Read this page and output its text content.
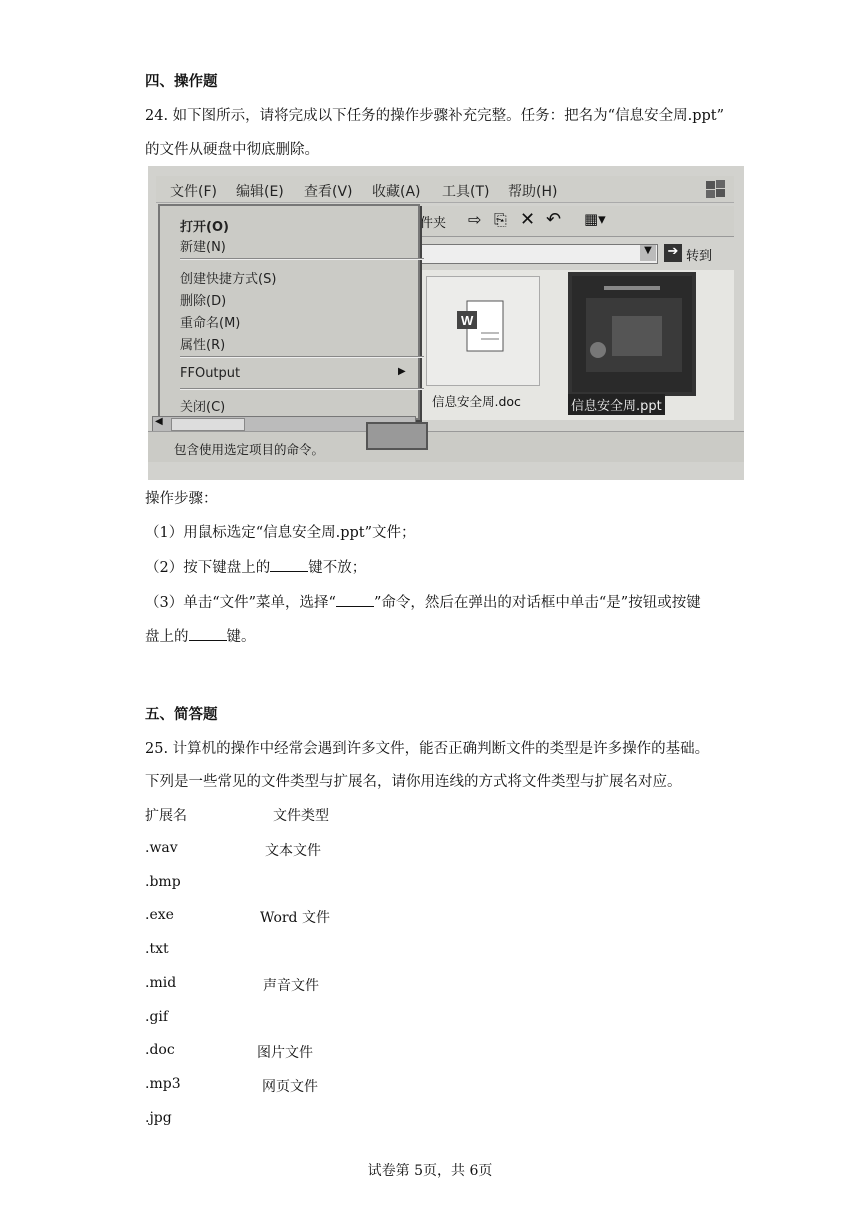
四、操作题
24. 如下图所示，请将完成以下任务的操作步骤补充完整。任务：把名为“信息安全周.ppt”
的文件从硬盘中彻底删除。
文件(F) 编辑(E) 查看(V) 收藏(A) 工具(T) 帮助(H)
件夹 ⇨ ⎘ ✕ ↶ ▦▾
▼	➔ 转到
W
信息安全周.doc	信息安全周.ppt
打开(O)
新建(N)
创建快捷方式(S)
删除(D)
重命名(M)
属性(R)
FFOutput	▶
关闭(C)
◀
包含使用选定项目的命令。
操作步骤：
（1）用鼠标选定“信息安全周.ppt”文件；
（2）按下键盘上的	键不放；
（3）单击“文件”菜单，选择“	”命令，然后在弹出的对话框中单击“是”按钮或按键
盘上的	键。
五、简答题
25. 计算机的操作中经常会遇到许多文件，能否正确判断文件的类型是许多操作的基础。
下列是一些常见的文件类型与扩展名，请你用连线的方式将文件类型与扩展名对应。
扩展名	文件类型
.wav
.bmp
.exe
.txt
.mid
.gif
.doc
.mp3
.jpg
文本文件
Word 文件
声音文件
图片文件
网页文件
试卷第 5页，共 6页
